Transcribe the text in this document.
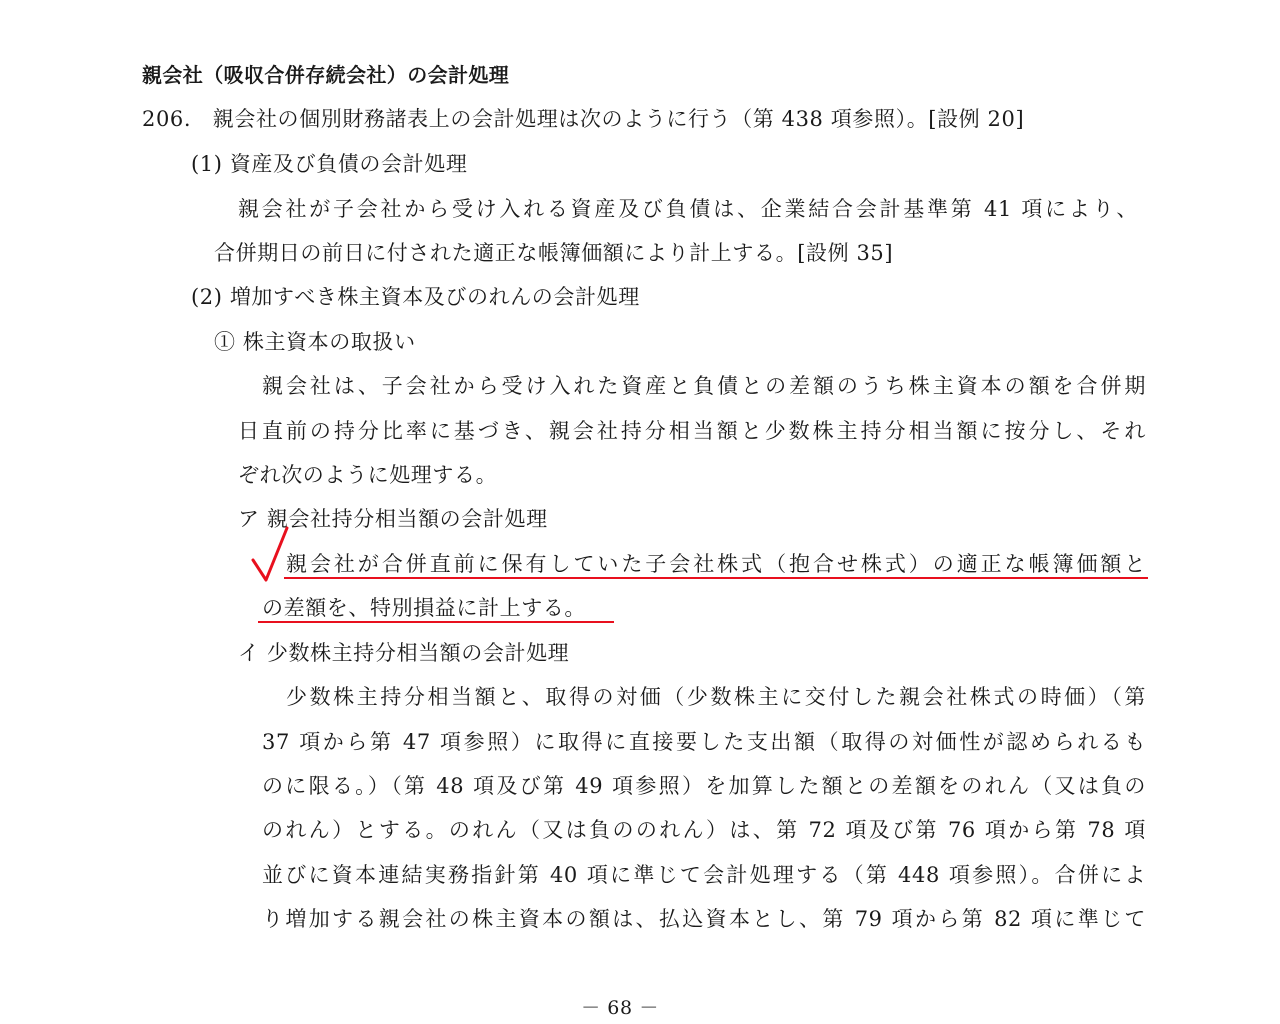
親会社（吸収合併存続会社）の会計処理
206.　親会社の個別財務諸表上の会計処理は次のように行う（第 438 項参照）。[設例 20]
(1) 資産及び負債の会計処理
親会社が子会社から受け入れる資産及び負債は、企業結合会計基準第 41 項により、
合併期日の前日に付された適正な帳簿価額により計上する。[設例 35]
(2) 増加すべき株主資本及びのれんの会計処理
① 株主資本の取扱い
親会社は、子会社から受け入れた資産と負債との差額のうち株主資本の額を合併期
日直前の持分比率に基づき、親会社持分相当額と少数株主持分相当額に按分し、それ
ぞれ次のように処理する。
ア 親会社持分相当額の会計処理
親会社が合併直前に保有していた子会社株式（抱合せ株式）の適正な帳簿価額と
の差額を、特別損益に計上する。
イ 少数株主持分相当額の会計処理
少数株主持分相当額と、取得の対価（少数株主に交付した親会社株式の時価）（第
37 項から第 47 項参照）に取得に直接要した支出額（取得の対価性が認められるも
のに限る。）（第 48 項及び第 49 項参照）を加算した額との差額をのれん（又は負の
のれん）とする。のれん（又は負ののれん）は、第 72 項及び第 76 項から第 78 項
並びに資本連結実務指針第 40 項に準じて会計処理する（第 448 項参照）。合併によ
り増加する親会社の株主資本の額は、払込資本とし、第 79 項から第 82 項に準じて
－ 68 －
